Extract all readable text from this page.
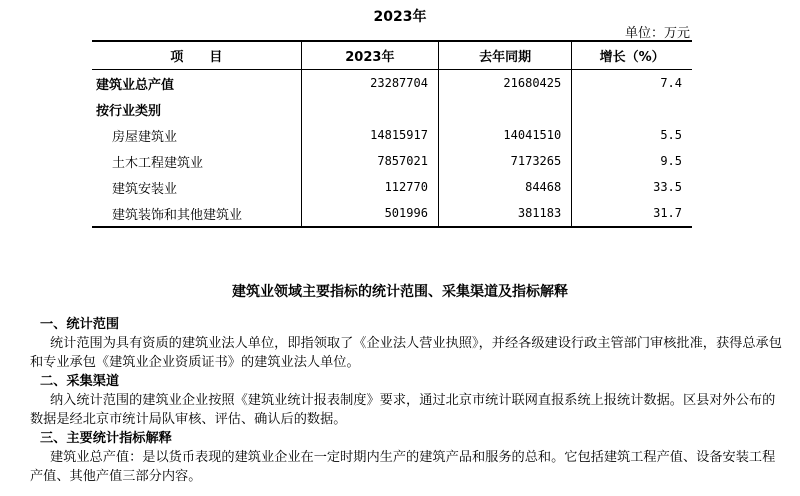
2023年
单位：万元
项　　目	2023年	去年同期	增长（%）
建筑业总产值	23287704	21680425	7.4
按行业类别			
房屋建筑业	14815917	14041510	5.5
土木工程建筑业	7857021	7173265	9.5
建筑安装业	112770	84468	33.5
建筑装饰和其他建筑业	501996	381183	31.7
建筑业领域主要指标的统计范围、采集渠道及指标解释
一、统计范围
统计范围为具有资质的建筑业法人单位，即指领取了《企业法人营业执照》，并经各级建设行政主管部门审核批准，获得总承包和专业承包《建筑业企业资质证书》的建筑业法人单位。
二、采集渠道
纳入统计范围的建筑业企业按照《建筑业统计报表制度》要求，通过北京市统计联网直报系统上报统计数据。区县对外公布的数据是经北京市统计局队审核、评估、确认后的数据。
三、主要统计指标解释
建筑业总产值：是以货币表现的建筑业企业在一定时期内生产的建筑产品和服务的总和。它包括建筑工程产值、设备安装工程产值、其他产值三部分内容。
